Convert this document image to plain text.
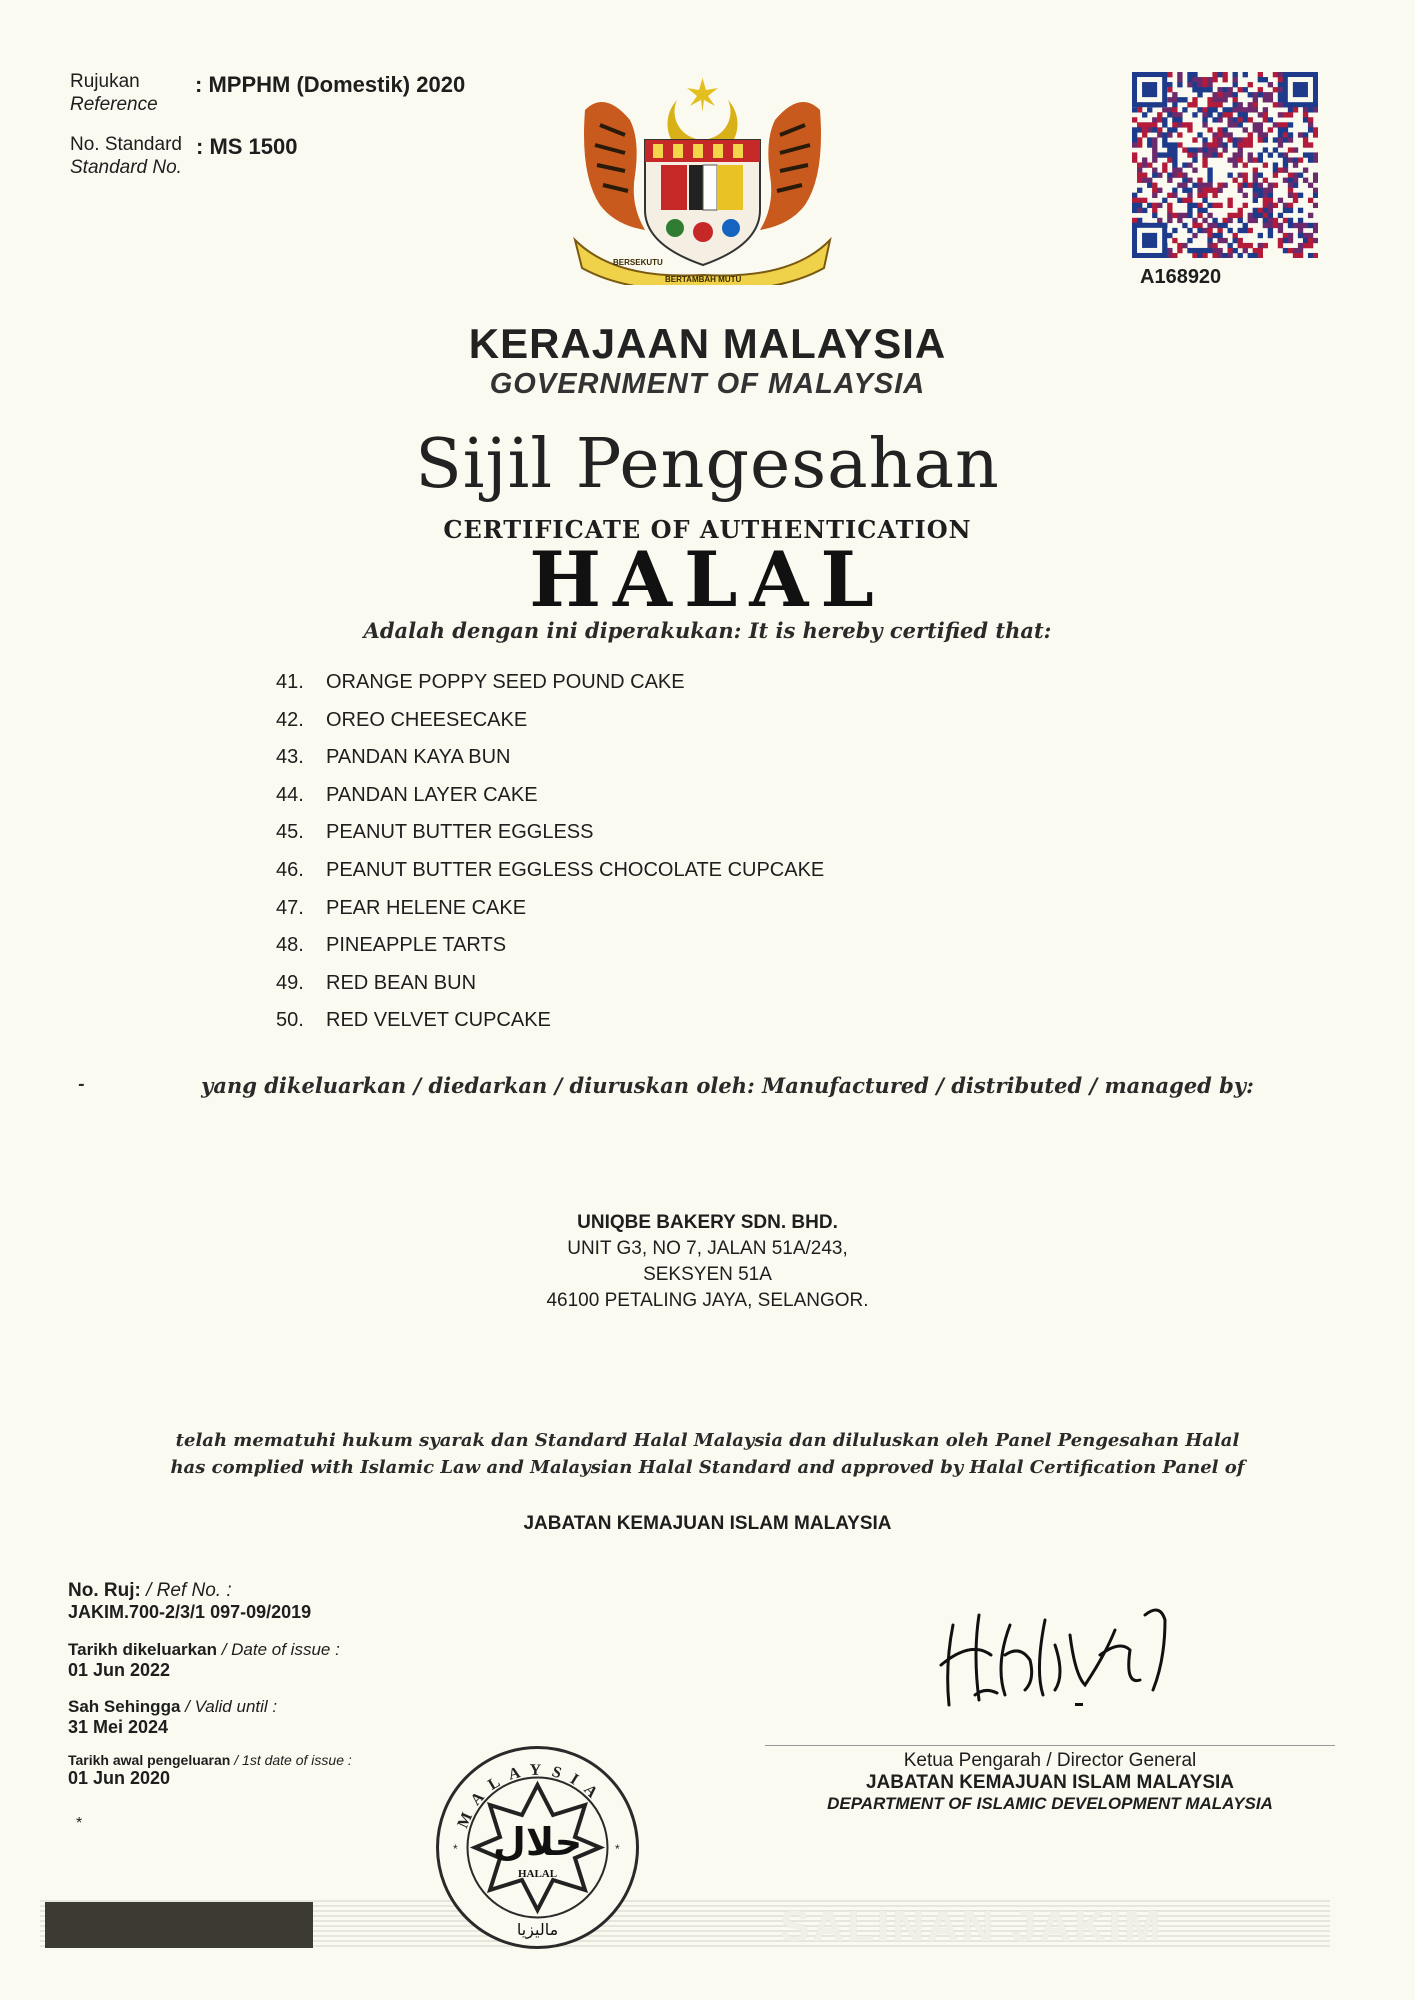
Rujukan
Reference
: MPPHM (Domestik) 2020
No. Standard
Standard No.
: MS 1500
BERSEKUTU
BERTAMBAH MUTU	A168920
KERAJAAN MALAYSIA
GOVERNMENT OF MALAYSIA
Sijil Pengesahan
CERTIFICATE OF AUTHENTICATION
HALAL
Adalah dengan ini diperakukan: It is hereby certified that:
41.	ORANGE POPPY SEED POUND CAKE
42.	OREO CHEESECAKE
43.	PANDAN KAYA BUN
44.	PANDAN LAYER CAKE
45.	PEANUT BUTTER EGGLESS
46.	PEANUT BUTTER EGGLESS CHOCOLATE CUPCAKE
47.	PEAR HELENE CAKE
48.	PINEAPPLE TARTS
49.	RED BEAN BUN
50.	RED VELVET CUPCAKE
-	yang dikeluarkan / diedarkan / diuruskan oleh: Manufactured / distributed / managed by:
UNIQBE BAKERY SDN. BHD.
UNIT G3, NO 7, JALAN 51A/243,
SEKSYEN 51A
46100 PETALING JAYA, SELANGOR.
telah mematuhi hukum syarak dan Standard Halal Malaysia dan diluluskan oleh Panel Pengesahan Halal
has complied with Islamic Law and Malaysian Halal Standard and approved by Halal Certification Panel of
JABATAN KEMAJUAN ISLAM MALAYSIA
No. Ruj: / Ref No. :
JAKIM.700-2/3/1 097-09/2019
Tarikh dikeluarkan / Date of issue :
01 Jun 2022
Sah Sehingga / Valid until :
31 Mei 2024
Tarikh awal pengeluaran / 1st date of issue :
01 Jun 2020
*
Ketua Pengarah / Director General
JABATAN KEMAJUAN ISLAM MALAYSIA
DEPARTMENT OF ISLAMIC DEVELOPMENT MALAYSIA
SALINAN JAKIM
MALAYSIA
حلال
HALAL
ماليزيا
*	*
